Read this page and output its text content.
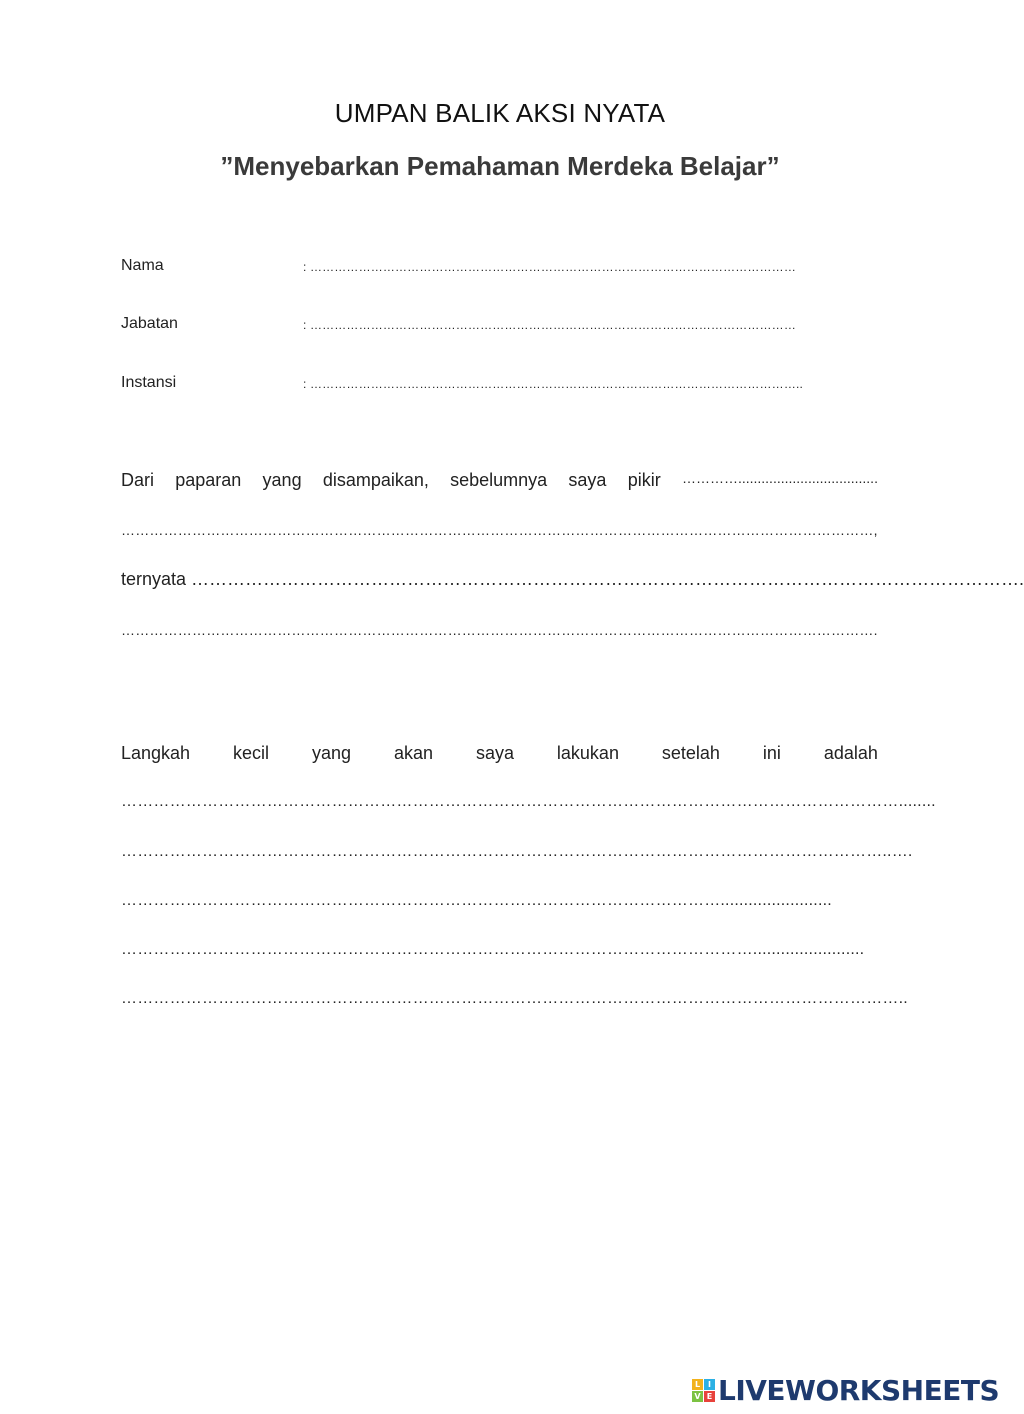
UMPAN BALIK AKSI NYATA
”Menyebarkan Pemahaman Merdeka Belajar”
Nama	: …………………………………………………………………………………………………………
Jabatan	: …………………………………………………………………………………………………………
Instansi	: …………………………………………………………………………………………………………..
Dari paparan yang disampaikan, sebelumnya saya pikir …………....................................
……………………………………………………………………………………………………………………………………………,
ternyata ………………………………………………………………………………………………………………………….
…………………………………………………………………………………………………………………………………………….
Langkah kecil yang akan saya lakukan setelah ini adalah
………………………………………………………………………………………………………………………………........
……………………………………………………………………………………………………………………………..….
…………………………………………………………………………………………………........................
………………………………………………………………………………………………………........................
………………………………………………………………………………………………………………………………..
L I
V E LIVEWORKSHEETS
